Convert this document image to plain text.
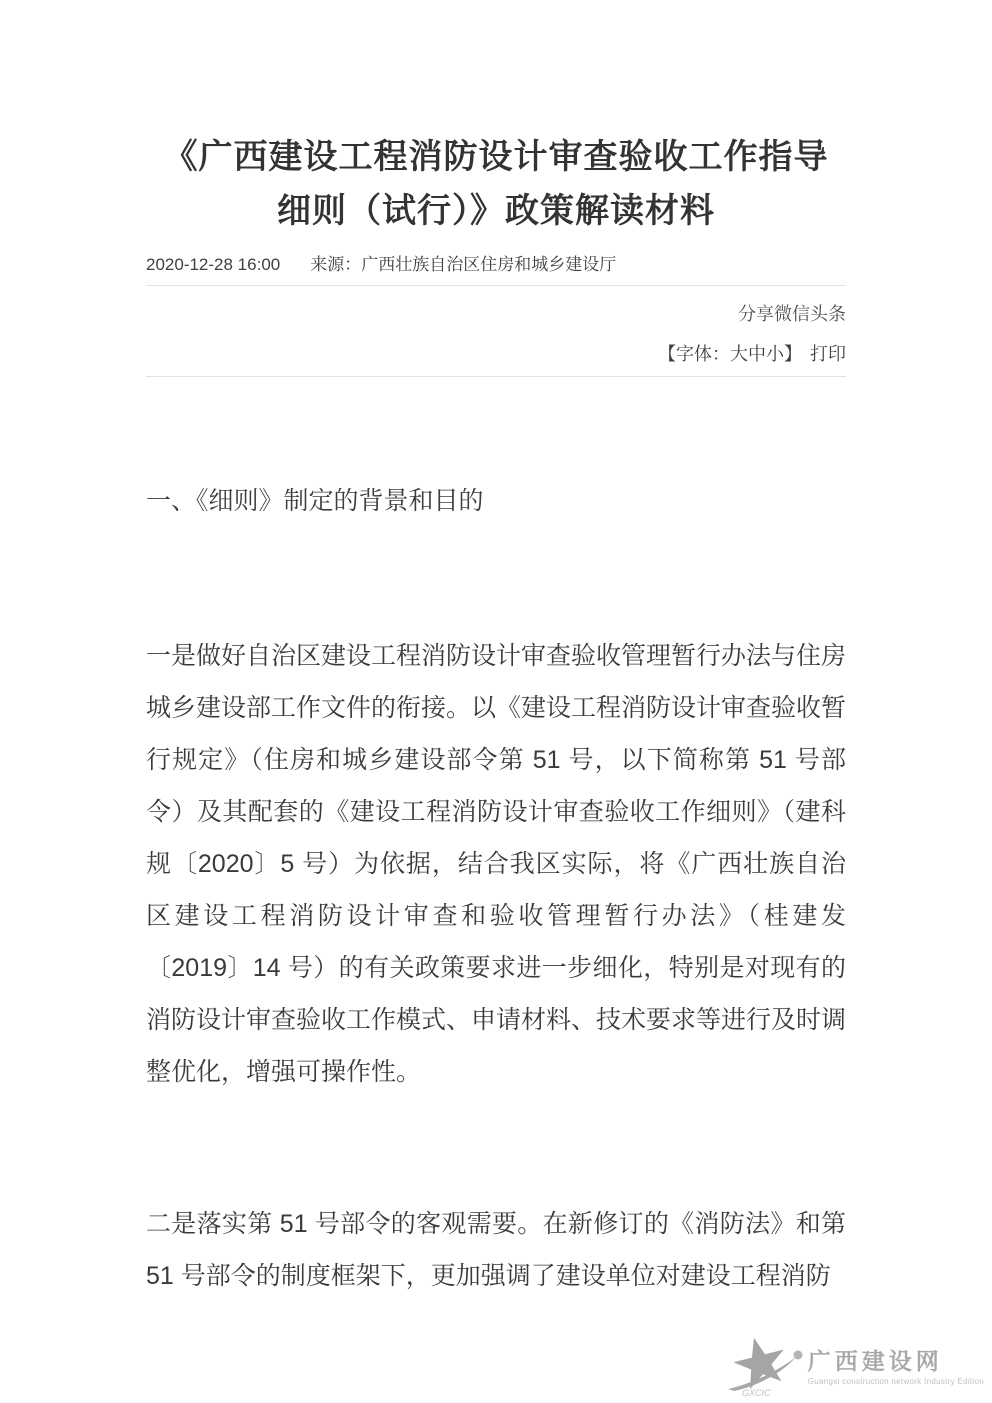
《广西建设工程消防设计审查验收工作指导
细则（试行）》政策解读材料
2020-12-28 16:00 来源：广西壮族自治区住房和城乡建设厅
分享微信头条
【字体：大中小】 打印
一、《细则》制定的背景和目的

一是做好自治区建设工程消防设计审查验收管理暂行办法与住房城乡建设部工作文件的衔接。以《建设工程消防设计审查验收暂行规定》（住房和城乡建设部令第 51 号，以下简称第 51 号部令）及其配套的《建设工程消防设计审查验收工作细则》（建科规〔2020〕5 号）为依据，结合我区实际，将《广西壮族自治区建设工程消防设计审查和验收管理暂行办法》（桂建发〔2019〕14 号）的有关政策要求进一步细化，特别是对现有的消防设计审查验收工作模式、申请材料、技术要求等进行及时调整优化，增强可操作性。

二是落实第 51 号部令的客观需要。在新修订的《消防法》和第 51 号部令的制度框架下，更加强调了建设单位对建设工程消防

GXCIC
广西建设网
Guangxi construction network Industry Edition
